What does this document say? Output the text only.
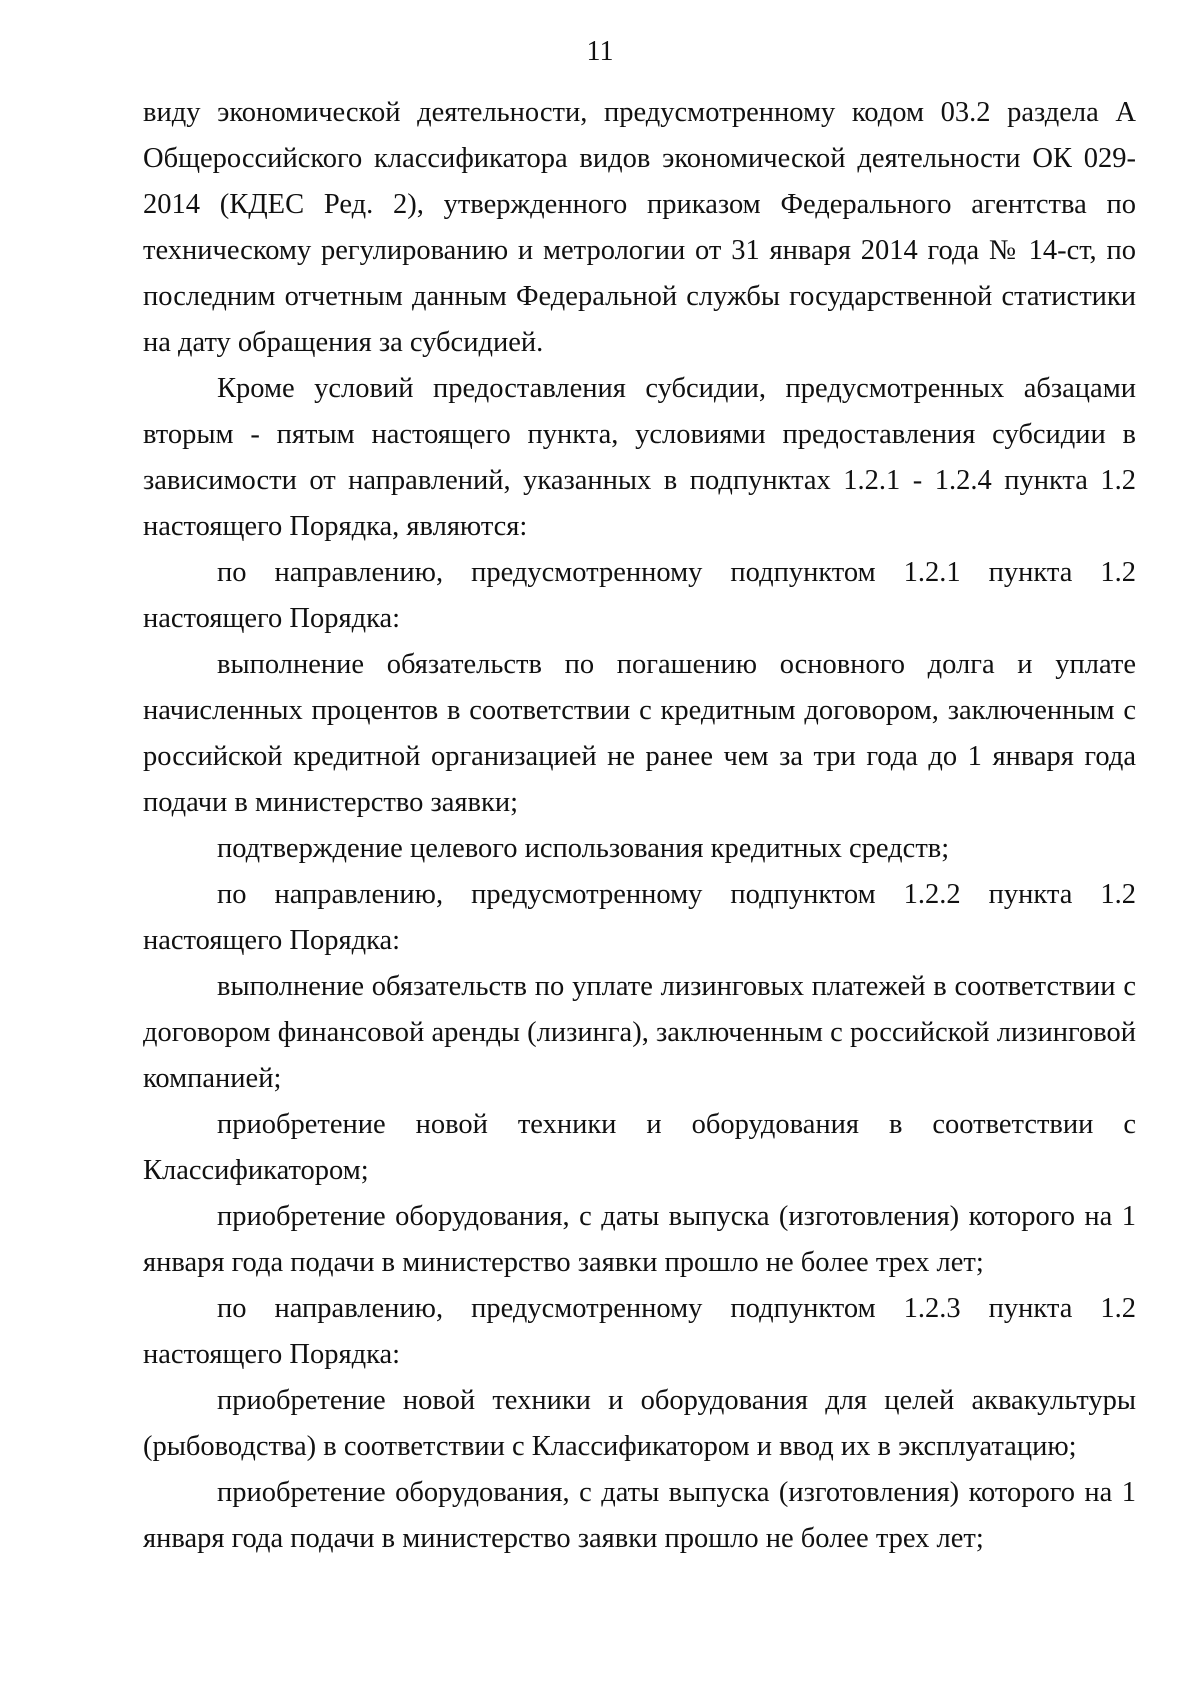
11

виду экономической деятельности, предусмотренному кодом 03.2 раздела А Общероссийского классификатора видов экономической деятельности ОК 029-2014 (КДЕС Ред. 2), утвержденного приказом Федерального агентства по техническому регулированию и метрологии от 31 января 2014 года № 14-ст, по последним отчетным данным Федеральной службы государственной статистики на дату обращения за субсидией.

Кроме условий предоставления субсидии, предусмотренных абзацами вторым - пятым настоящего пункта, условиями предоставления субсидии в зависимости от направлений, указанных в подпунктах 1.2.1 - 1.2.4 пункта 1.2 настоящего Порядка, являются:

по направлению, предусмотренному подпунктом 1.2.1 пункта 1.2 настоящего Порядка:

выполнение обязательств по погашению основного долга и уплате начисленных процентов в соответствии с кредитным договором, заключенным с российской кредитной организацией не ранее чем за три года до 1 января года подачи в министерство заявки;

подтверждение целевого использования кредитных средств;

по направлению, предусмотренному подпунктом 1.2.2 пункта 1.2 настоящего Порядка:

выполнение обязательств по уплате лизинговых платежей в соответствии с договором финансовой аренды (лизинга), заключенным с российской лизинговой компанией;

приобретение новой техники и оборудования в соответствии с Классификатором;

приобретение оборудования, с даты выпуска (изготовления) которого на 1 января года подачи в министерство заявки прошло не более трех лет;

по направлению, предусмотренному подпунктом 1.2.3 пункта 1.2 настоящего Порядка:

приобретение новой техники и оборудования для целей аквакультуры (рыбоводства) в соответствии с Классификатором и ввод их в эксплуатацию;

приобретение оборудования, с даты выпуска (изготовления) которого на 1 января года подачи в министерство заявки прошло не более трех лет;
